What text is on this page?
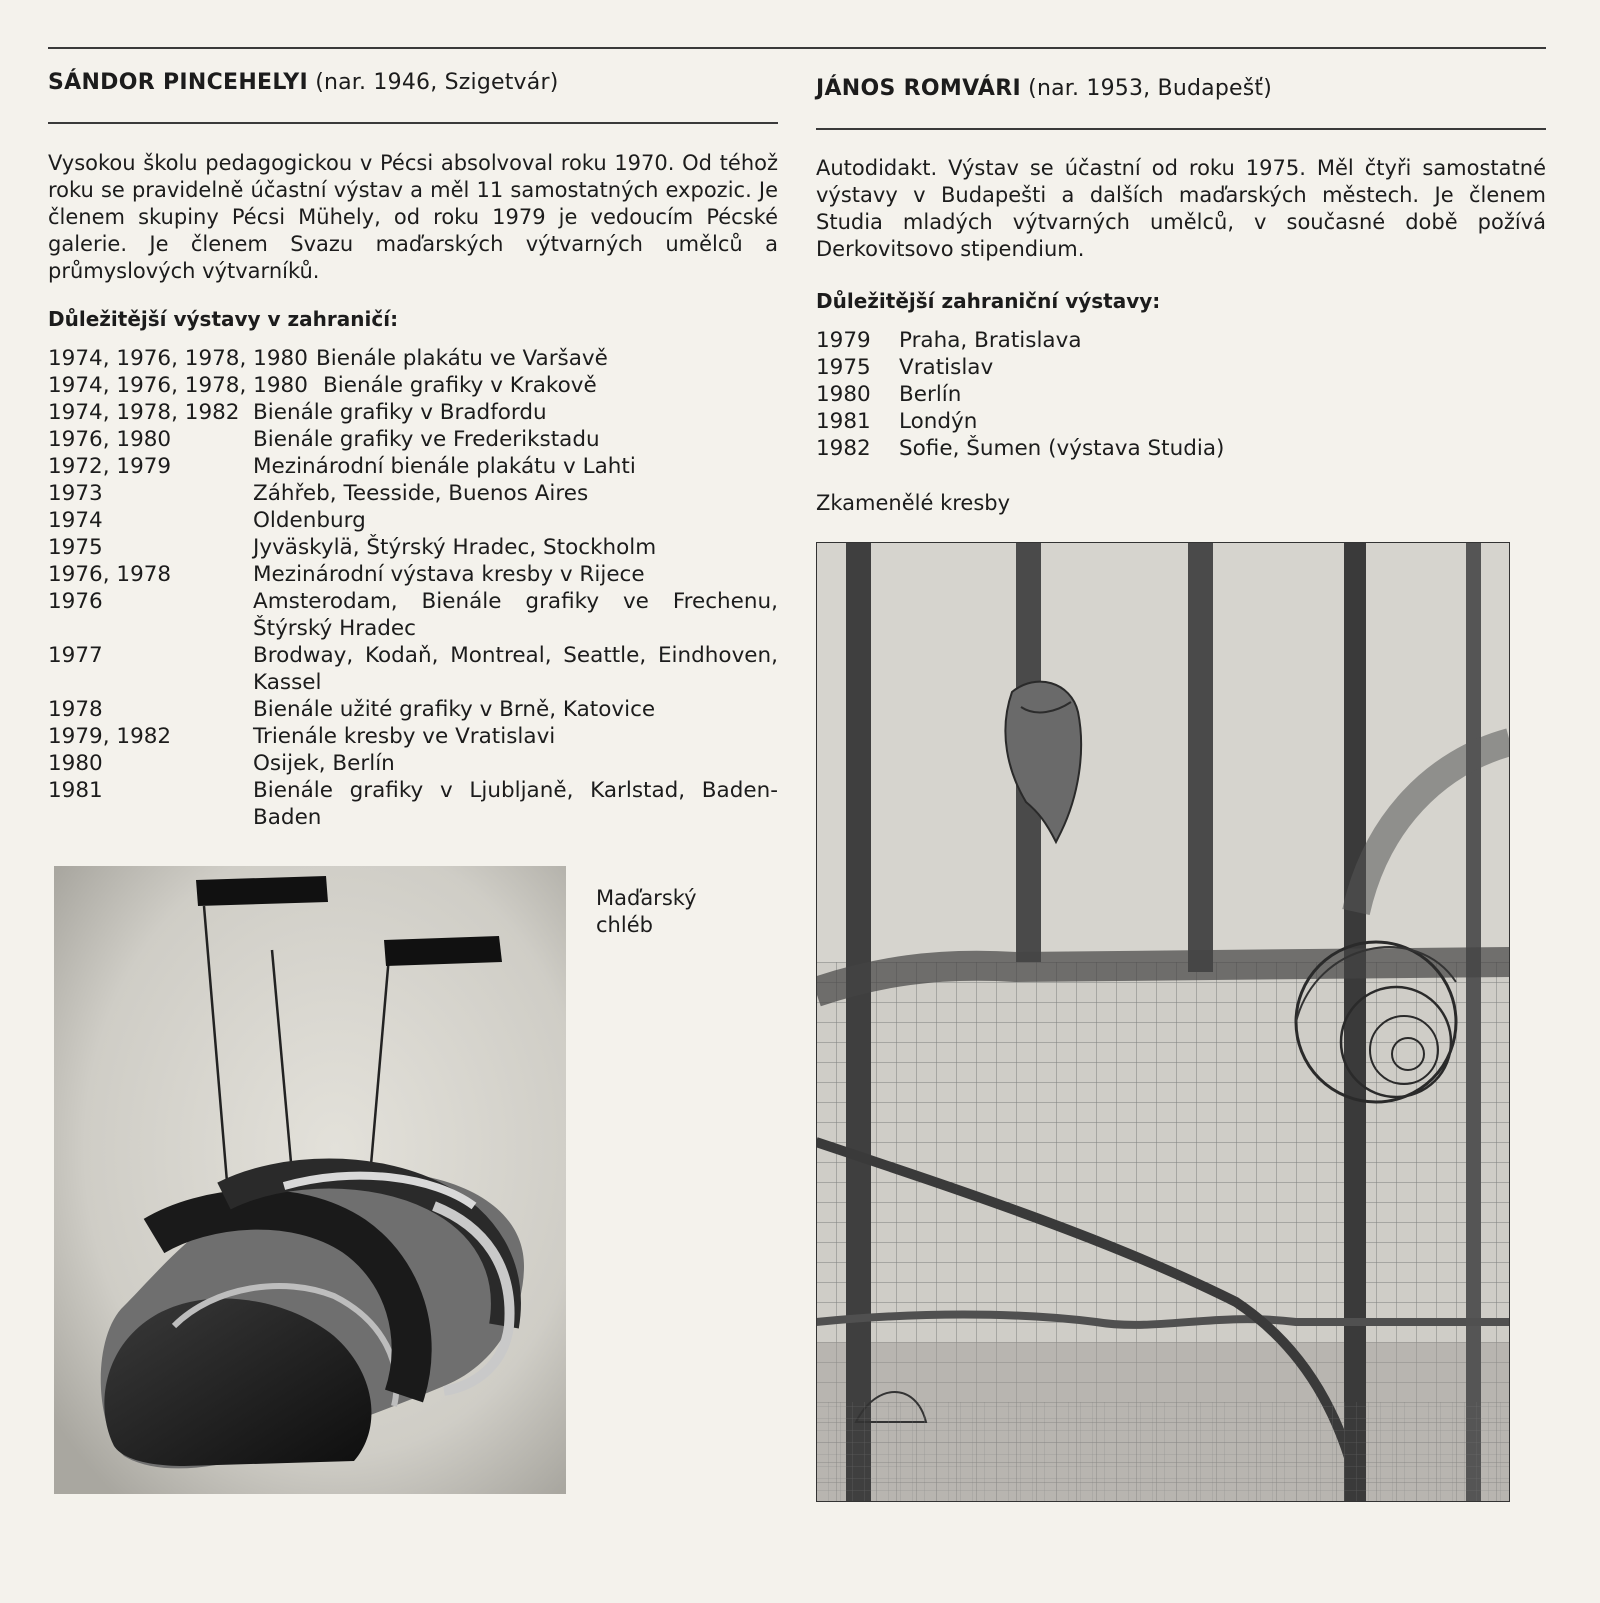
SÁNDOR PINCEHELYI (nar. 1946, Szigetvár)

Vysokou školu pedagogickou v Pécsi absolvoval roku 1970. Od téhož roku se pravidelně účastní výstav a měl 11 samostatných expozic. Je členem skupiny Pécsi Mühely, od roku 1979 je vedoucím Pécské galerie. Je členem Svazu maďarských výtvarných umělců a průmyslových výtvarníků.

Důležitější výstavy v zahraničí:

1974, 1976, 1978, 1980 Bienále plakátu ve Varšavě
1974, 1976, 1978, 1980 Bienále grafiky v Krakově
1974, 1978, 1982 Bienále grafiky v Bradfordu
1976, 1980	Bienále grafiky ve Frederikstadu
1972, 1979	Mezinárodní bienále plakátu v Lahti
1973	Záhřeb, Teesside, Buenos Aires
1974	Oldenburg
1975	Jyväskylä, Štýrský Hradec, Stockholm
1976, 1978	Mezinárodní výstava kresby v Rijece
1976	Amsterodam, Bienále grafiky ve Frechenu, Štýrský Hradec
1977	Brodway, Kodaň, Montreal, Seattle, Eindhoven, Kassel
1978	Bienále užité grafiky v Brně, Katovice
1979, 1982	Trienále kresby ve Vratislavi
1980	Osijek, Berlín
1981	Bienále grafiky v Ljubljaně, Karlstad, Baden-Baden
Maďarský chléb
JÁNOS ROMVÁRI (nar. 1953, Budapešť)

Autodidakt. Výstav se účastní od roku 1975. Měl čtyři samostatné výstavy v Budapešti a dalších maďarských městech. Je členem Studia mladých výtvarných umělců, v současné době požívá Derkovitsovo stipendium.

Důležitější zahraniční výstavy:

1979	Praha, Bratislava
1975	Vratislav
1980	Berlín
1981	Londýn
1982	Sofie, Šumen (výstava Studia)
Zkamenělé kresby
